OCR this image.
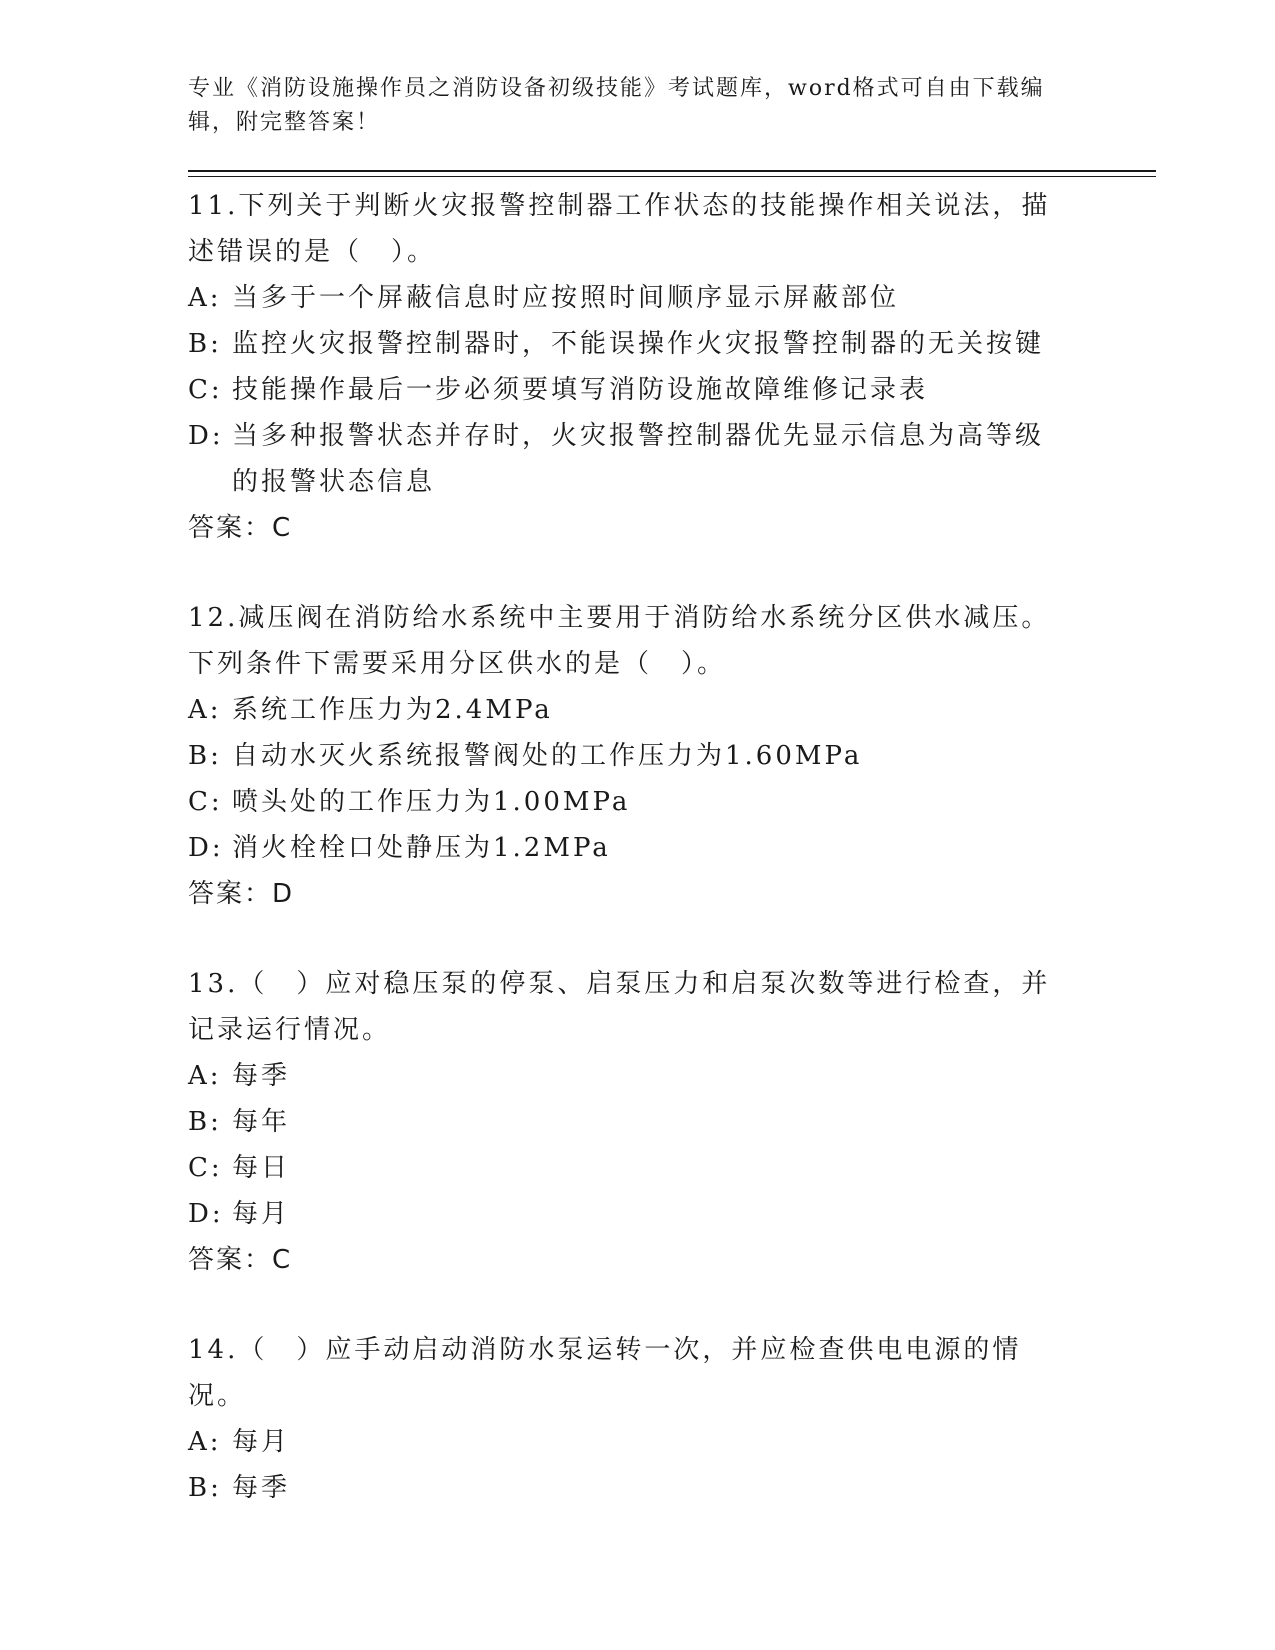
专业《消防设施操作员之消防设备初级技能》考试题库，word格式可自由下载编辑，附完整答案！

11.下列关于判断火灾报警控制器工作状态的技能操作相关说法，描述错误的是（　）。

A: 当多于一个屏蔽信息时应按照时间顺序显示屏蔽部位
B: 监控火灾报警控制器时，不能误操作火灾报警控制器的无关按键
C: 技能操作最后一步必须要填写消防设施故障维修记录表
D: 当多种报警状态并存时，火灾报警控制器优先显示信息为高等级的报警状态信息

答案：C

12.减压阀在消防给水系统中主要用于消防给水系统分区供水减压。下列条件下需要采用分区供水的是（　）。

A: 系统工作压力为2.4MPa
B: 自动水灭火系统报警阀处的工作压力为1.60MPa
C: 喷头处的工作压力为1.00MPa
D: 消火栓栓口处静压为1.2MPa

答案：D

13.（　）应对稳压泵的停泵、启泵压力和启泵次数等进行检查，并记录运行情况。

A: 每季
B: 每年
C: 每日
D: 每月

答案：C

14.（　）应手动启动消防水泵运转一次，并应检查供电电源的情况。

A: 每月
B: 每季
